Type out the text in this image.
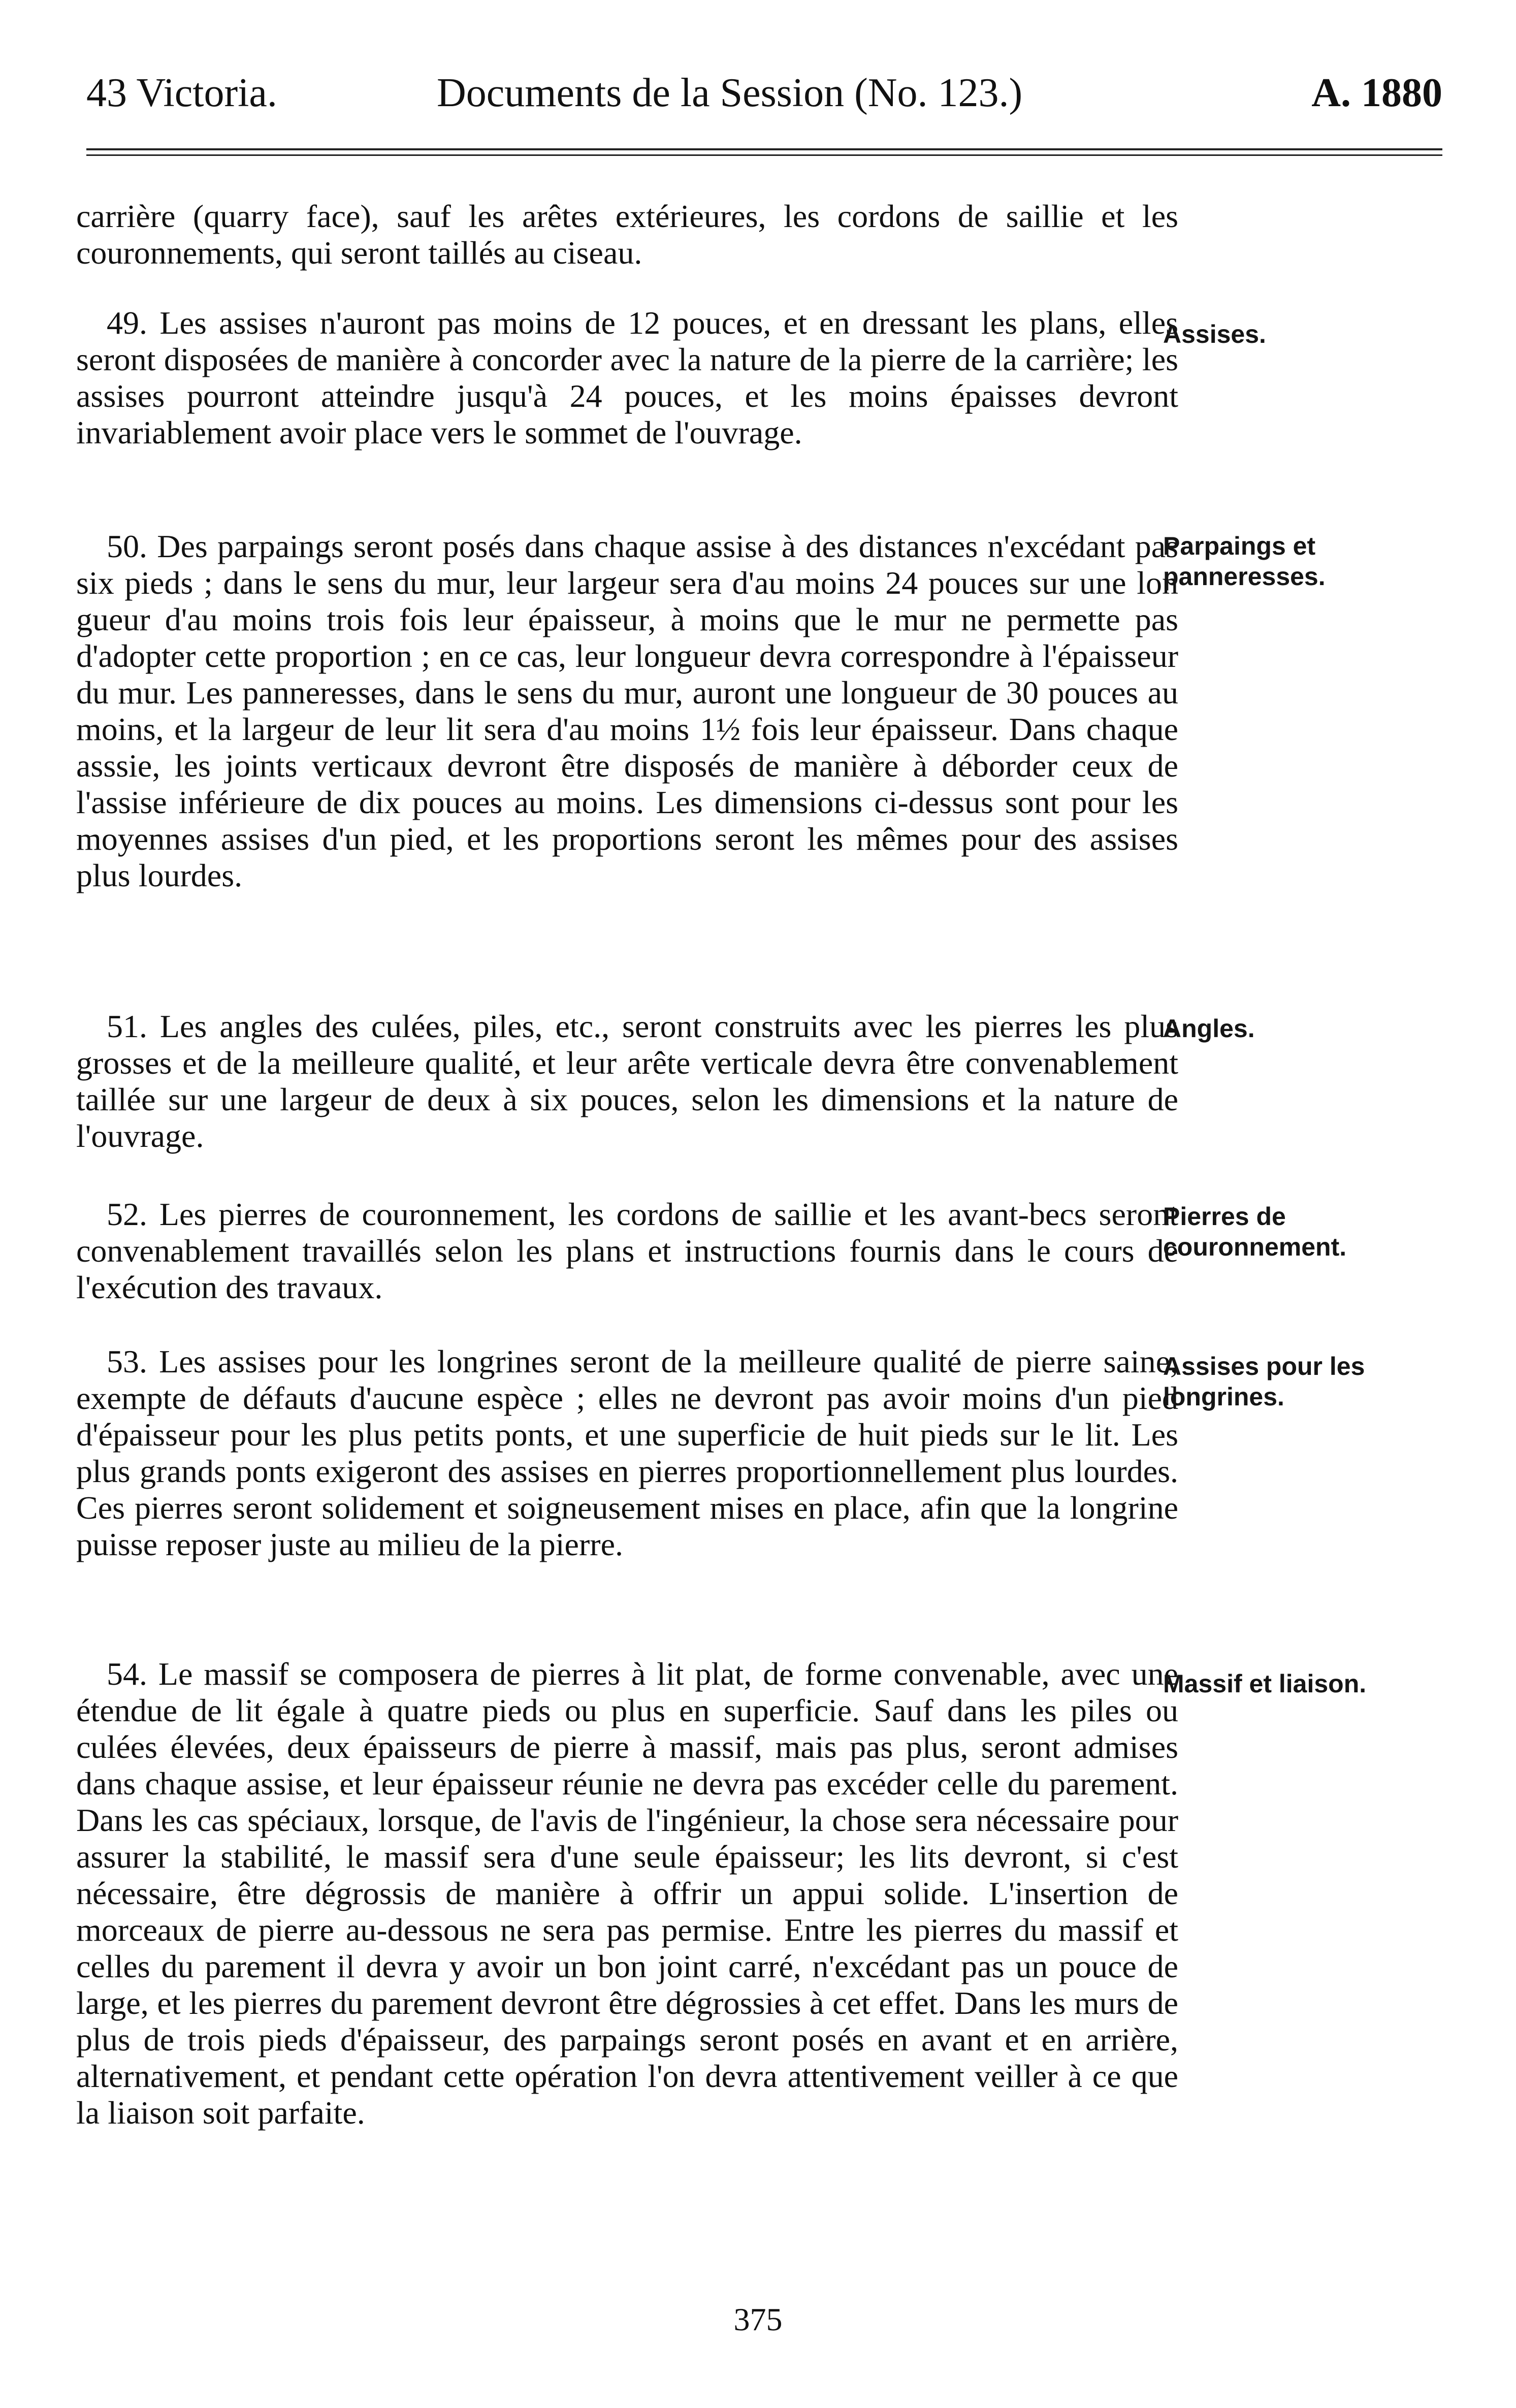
43 Victoria.	Documents de la Session (No. 123.)	A. 1880

carrière (quarry face), sauf les arêtes extérieures, les cordons de saillie et les couronnements, qui seront taillés au ciseau.

49. Les assises n'auront pas moins de 12 pouces, et en dressant les plans, elles seront disposées de manière à concorder avec la nature de la pierre de la carrière; les assises pourront atteindre jusqu'à 24 pouces, et les moins épaisses devront invariablement avoir place vers le sommet de l'ouvrage.

50. Des parpaings seront posés dans chaque assise à des distances n'excédant pas six pieds ; dans le sens du mur, leur largeur sera d'au moins 24 pouces sur une lon gueur d'au moins trois fois leur épaisseur, à moins que le mur ne permette pas d'adopter cette proportion ; en ce cas, leur longueur devra correspondre à l'épaisseur du mur. Les panneresses, dans le sens du mur, auront une longueur de 30 pouces au moins, et la largeur de leur lit sera d'au moins 1½ fois leur épaisseur. Dans chaque asssie, les joints verticaux devront être disposés de manière à déborder ceux de l'assise inférieure de dix pouces au moins. Les dimensions ci-dessus sont pour les moyennes assises d'un pied, et les proportions seront les mêmes pour des assises plus lourdes.

51. Les angles des culées, piles, etc., seront construits avec les pierres les plus grosses et de la meilleure qualité, et leur arête verticale devra être convenablement taillée sur une largeur de deux à six pouces, selon les dimensions et la nature de l'ouvrage.

52. Les pierres de couronnement, les cordons de saillie et les avant-becs seront convenablement travaillés selon les plans et instructions fournis dans le cours de l'exécution des travaux.

53. Les assises pour les longrines seront de la meilleure qualité de pierre saine, exempte de défauts d'aucune espèce ; elles ne devront pas avoir moins d'un pied d'épaisseur pour les plus petits ponts, et une superficie de huit pieds sur le lit. Les plus grands ponts exigeront des assises en pierres proportionnellement plus lourdes. Ces pierres seront solidement et soigneusement mises en place, afin que la longrine puisse reposer juste au milieu de la pierre.

54. Le massif se composera de pierres à lit plat, de forme convenable, avec une étendue de lit égale à quatre pieds ou plus en superficie. Sauf dans les piles ou culées élevées, deux épaisseurs de pierre à massif, mais pas plus, seront admises dans chaque assise, et leur épaisseur réunie ne devra pas excéder celle du parement. Dans les cas spéciaux, lorsque, de l'avis de l'ingénieur, la chose sera nécessaire pour assurer la stabilité, le massif sera d'une seule épaisseur; les lits devront, si c'est nécessaire, être dégrossis de manière à offrir un appui solide. L'insertion de morceaux de pierre au-dessous ne sera pas permise. Entre les pierres du massif et celles du parement il devra y avoir un bon joint carré, n'excédant pas un pouce de large, et les pierres du parement devront être dégrossies à cet effet. Dans les murs de plus de trois pieds d'épaisseur, des parpaings seront posés en avant et en arrière, alternativement, et pendant cette opération l'on devra attentivement veiller à ce que la liaison soit parfaite.

Assises.
Parpaings et panneresses.
Angles.
Pierres de couronnement.
Assises pour les longrines.
Massif et liaison.
375
